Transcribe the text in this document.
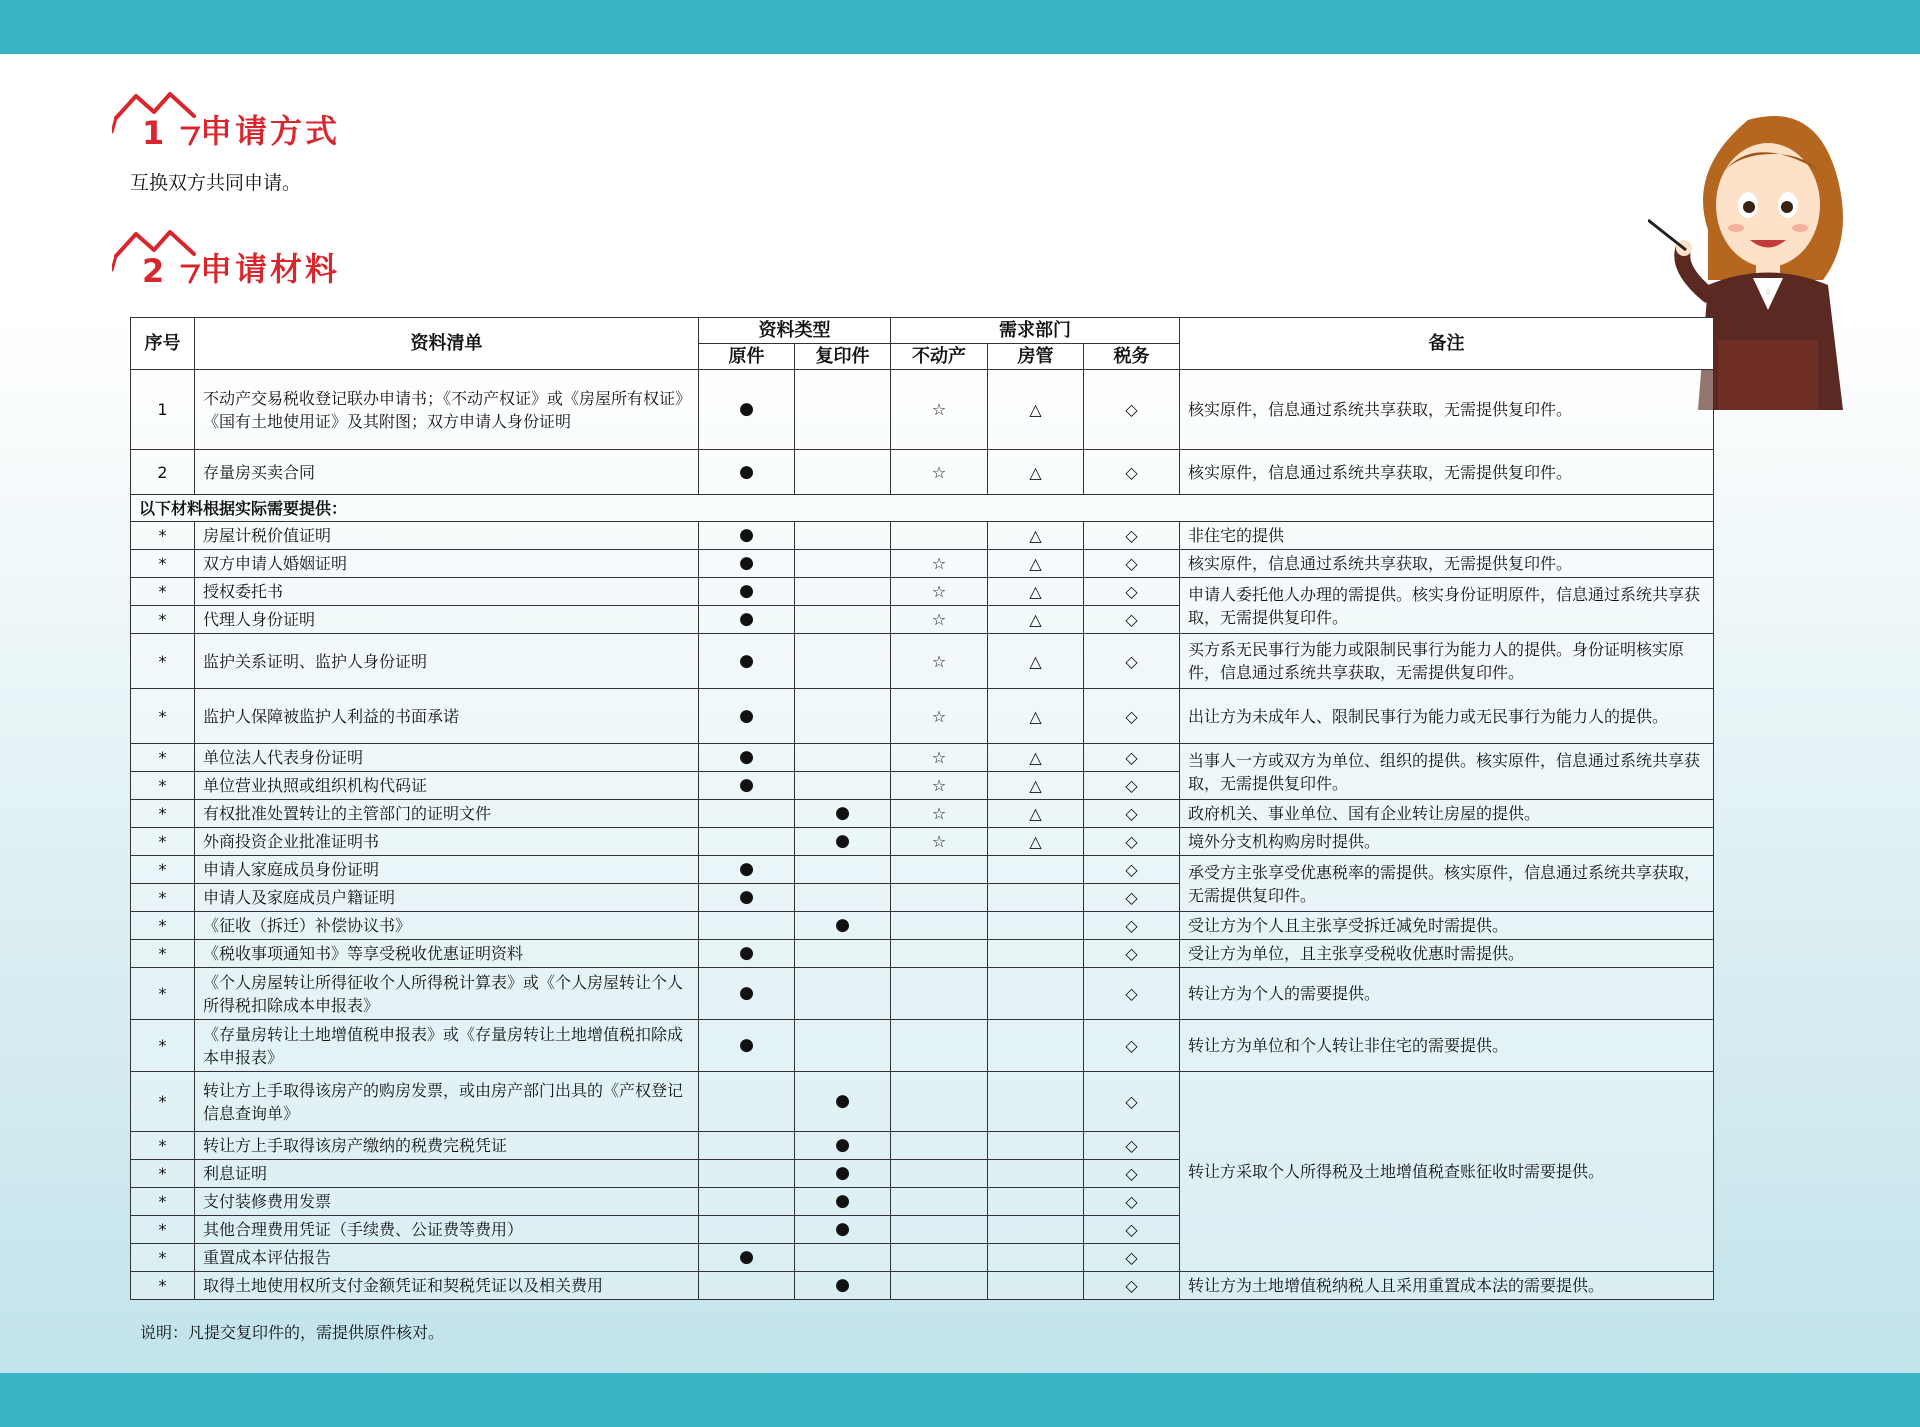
1 申请方式
互换双方共同申请。
2 申请材料
序号	资料清单	资料类型		需求部门			备注
		原件	复印件	不动产	房管	税务	
1	不动产交易税收登记联办申请书；《不动产权证》或《房屋所有权证》《国有土地使用证》及其附图；双方申请人身份证明	●		☆	△	◇	核实原件，信息通过系统共享获取，无需提供复印件。
2	存量房买卖合同	●		☆	△	◇	核实原件，信息通过系统共享获取，无需提供复印件。
以下材料根据实际需要提供：							
*	房屋计税价值证明	●			△	◇	非住宅的提供
*	双方申请人婚姻证明	●		☆	△	◇	核实原件，信息通过系统共享获取，无需提供复印件。
*	授权委托书	●		☆	△	◇	申请人委托他人办理的需提供。核实身份证明原件，信息通过系统共享获取，无需提供复印件。
*	代理人身份证明	●		☆	△	◇	
*	监护关系证明、监护人身份证明	●		☆	△	◇	买方系无民事行为能力或限制民事行为能力人的提供。身份证明核实原件，信息通过系统共享获取，无需提供复印件。
*	监护人保障被监护人利益的书面承诺	●		☆	△	◇	出让方为未成年人、限制民事行为能力或无民事行为能力人的提供。
*	单位法人代表身份证明	●		☆	△	◇	当事人一方或双方为单位、组织的提供。核实原件，信息通过系统共享获取，无需提供复印件。
*	单位营业执照或组织机构代码证	●		☆	△	◇	
*	有权批准处置转让的主管部门的证明文件		●	☆	△	◇	政府机关、事业单位、国有企业转让房屋的提供。
*	外商投资企业批准证明书		●	☆	△	◇	境外分支机构购房时提供。
*	申请人家庭成员身份证明	●				◇	承受方主张享受优惠税率的需提供。核实原件，信息通过系统共享获取，无需提供复印件。
*	申请人及家庭成员户籍证明	●				◇	
*	《征收（拆迁）补偿协议书》		●			◇	受让方为个人且主张享受拆迁减免时需提供。
*	《税收事项通知书》等享受税收优惠证明资料	●				◇	受让方为单位，且主张享受税收优惠时需提供。
*	《个人房屋转让所得征收个人所得税计算表》或《个人房屋转让个人所得税扣除成本申报表》	●				◇	转让方为个人的需要提供。
*	《存量房转让土地增值税申报表》或《存量房转让土地增值税扣除成本申报表》	●				◇	转让方为单位和个人转让非住宅的需要提供。
*	转让方上手取得该房产的购房发票，或由房产部门出具的《产权登记信息查询单》		●			◇	转让方采取个人所得税及土地增值税查账征收时需要提供。
*	转让方上手取得该房产缴纳的税费完税凭证		●			◇	
*	利息证明		●			◇	
*	支付装修费用发票		●			◇	
*	其他合理费用凭证（手续费、公证费等费用）		●			◇	
*	重置成本评估报告	●				◇	
*	取得土地使用权所支付金额凭证和契税凭证以及相关费用		●			◇	转让方为土地增值税纳税人且采用重置成本法的需要提供。
说明：凡提交复印件的，需提供原件核对。
